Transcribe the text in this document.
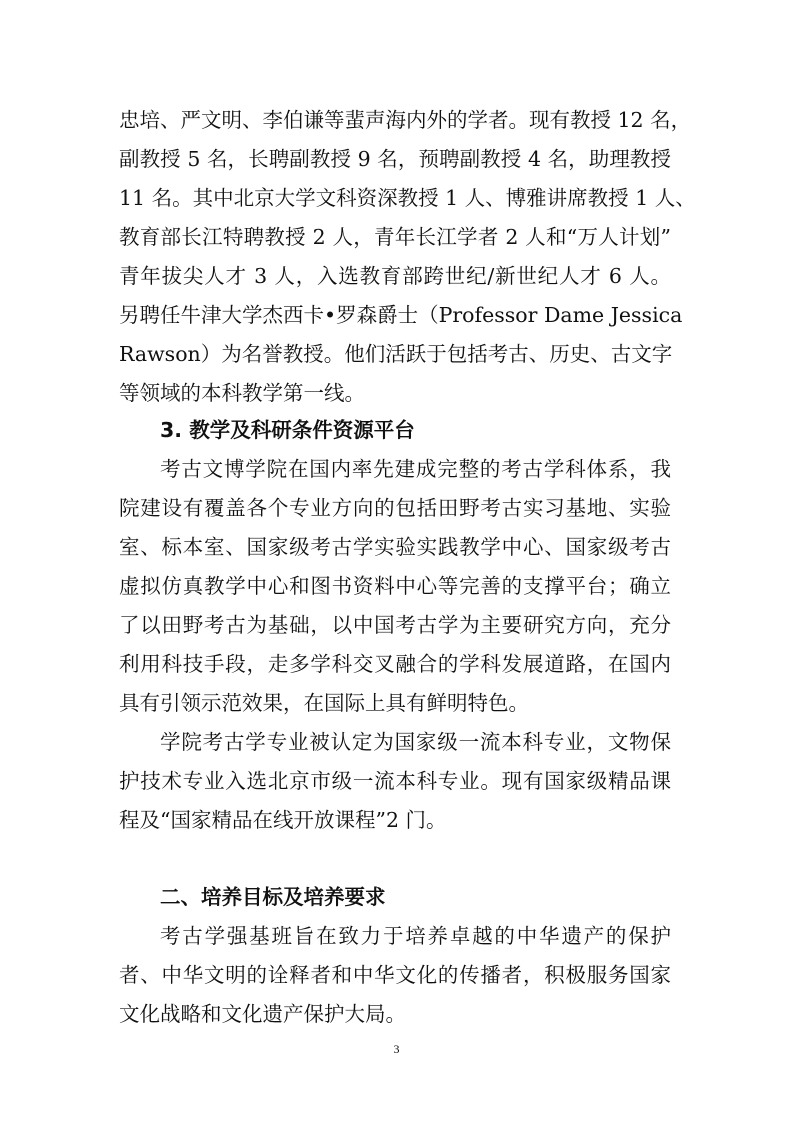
忠培、严文明、李伯谦等蜚声海内外的学者。现有教授 12 名，
副教授 5 名，长聘副教授 9 名，预聘副教授 4 名，助理教授
11 名。其中北京大学文科资深教授 1 人、博雅讲席教授 1 人、
教育部长江特聘教授 2 人，青年长江学者 2 人和“万人计划”
青年拔尖人才 3 人，入选教育部跨世纪/新世纪人才 6 人。
另聘任牛津大学杰西卡•罗森爵士（Professor Dame Jessica
Rawson）为名誉教授。他们活跃于包括考古、历史、古文字
等领域的本科教学第一线。
3. 教学及科研条件资源平台
考古文博学院在国内率先建成完整的考古学科体系，我
院建设有覆盖各个专业方向的包括田野考古实习基地、实验
室、标本室、国家级考古学实验实践教学中心、国家级考古
虚拟仿真教学中心和图书资料中心等完善的支撑平台；确立
了以田野考古为基础，以中国考古学为主要研究方向，充分
利用科技手段，走多学科交叉融合的学科发展道路，在国内
具有引领示范效果，在国际上具有鲜明特色。
学院考古学专业被认定为国家级一流本科专业，文物保
护技术专业入选北京市级一流本科专业。现有国家级精品课
程及“国家精品在线开放课程”2 门。
二、培养目标及培养要求
考古学强基班旨在致力于培养卓越的中华遗产的保护
者、中华文明的诠释者和中华文化的传播者，积极服务国家
文化战略和文化遗产保护大局。
3
